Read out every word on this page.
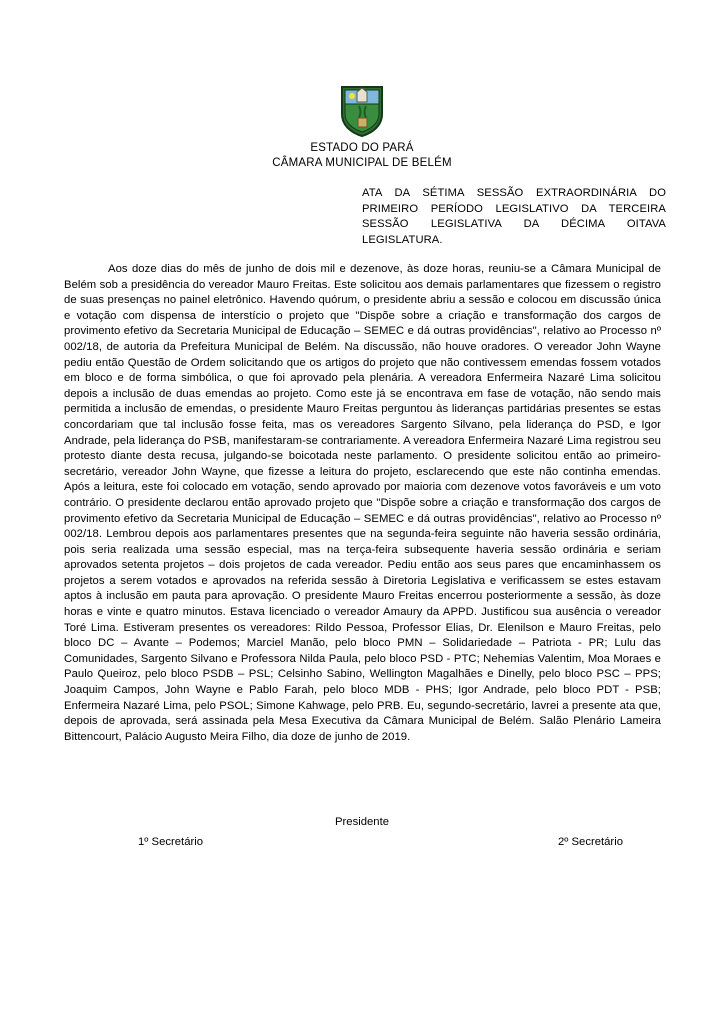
ESTADO DO PARÁ
CÂMARA MUNICIPAL DE BELÉM
ATA DA SÉTIMA SESSÃO EXTRAORDINÁRIA DO PRIMEIRO PERÍODO LEGISLATIVO DA TERCEIRA SESSÃO LEGISLATIVA DA DÉCIMA OITAVA LEGISLATURA.
Aos doze dias do mês de junho de dois mil e dezenove, às doze horas, reuniu-se a Câmara Municipal de Belém sob a presidência do vereador Mauro Freitas. Este solicitou aos demais parlamentares que fizessem o registro de suas presenças no painel eletrônico. Havendo quórum, o presidente abriu a sessão e colocou em discussão única e votação com dispensa de interstício o projeto que "Dispõe sobre a criação e transformação dos cargos de provimento efetivo da Secretaria Municipal de Educação – SEMEC e dá outras providências", relativo ao Processo nº 002/18, de autoria da Prefeitura Municipal de Belém. Na discussão, não houve oradores. O vereador John Wayne pediu então Questão de Ordem solicitando que os artigos do projeto que não contivessem emendas fossem votados em bloco e de forma simbólica, o que foi aprovado pela plenária. A vereadora Enfermeira Nazaré Lima solicitou depois a inclusão de duas emendas ao projeto. Como este já se encontrava em fase de votação, não sendo mais permitida a inclusão de emendas, o presidente Mauro Freitas perguntou às lideranças partidárias presentes se estas concordariam que tal inclusão fosse feita, mas os vereadores Sargento Silvano, pela liderança do PSD, e Igor Andrade, pela liderança do PSB, manifestaram-se contrariamente. A vereadora Enfermeira Nazaré Lima registrou seu protesto diante desta recusa, julgando-se boicotada neste parlamento. O presidente solicitou então ao primeiro-secretário, vereador John Wayne, que fizesse a leitura do projeto, esclarecendo que este não continha emendas. Após a leitura, este foi colocado em votação, sendo aprovado por maioria com dezenove votos favoráveis e um voto contrário. O presidente declarou então aprovado projeto que "Dispõe sobre a criação e transformação dos cargos de provimento efetivo da Secretaria Municipal de Educação – SEMEC e dá outras providências", relativo ao Processo nº 002/18. Lembrou depois aos parlamentares presentes que na segunda-feira seguinte não haveria sessão ordinária, pois seria realizada uma sessão especial, mas na terça-feira subsequente haveria sessão ordinária e seriam aprovados setenta projetos – dois projetos de cada vereador. Pediu então aos seus pares que encaminhassem os projetos a serem votados e aprovados na referida sessão à Diretoria Legislativa e verificassem se estes estavam aptos à inclusão em pauta para aprovação. O presidente Mauro Freitas encerrou posteriormente a sessão, às doze horas e vinte e quatro minutos. Estava licenciado o vereador Amaury da APPD. Justificou sua ausência o vereador Toré Lima. Estiveram presentes os vereadores: Rildo Pessoa, Professor Elias, Dr. Elenilson e Mauro Freitas, pelo bloco DC – Avante – Podemos; Marciel Manão, pelo bloco PMN – Solidariedade – Patriota - PR; Lulu das Comunidades, Sargento Silvano e Professora Nilda Paula, pelo bloco PSD - PTC; Nehemias Valentim, Moa Moraes e Paulo Queiroz, pelo bloco PSDB – PSL; Celsinho Sabino, Wellington Magalhães e Dinelly, pelo bloco PSC – PPS; Joaquim Campos, John Wayne e Pablo Farah, pelo bloco MDB - PHS; Igor Andrade, pelo bloco PDT - PSB; Enfermeira Nazaré Lima, pelo PSOL; Simone Kahwage, pelo PRB. Eu, segundo-secretário, lavrei a presente ata que, depois de aprovada, será assinada pela Mesa Executiva da Câmara Municipal de Belém. Salão Plenário Lameira Bittencourt, Palácio Augusto Meira Filho, dia doze de junho de 2019.
Presidente
1º Secretário	2º Secretário
